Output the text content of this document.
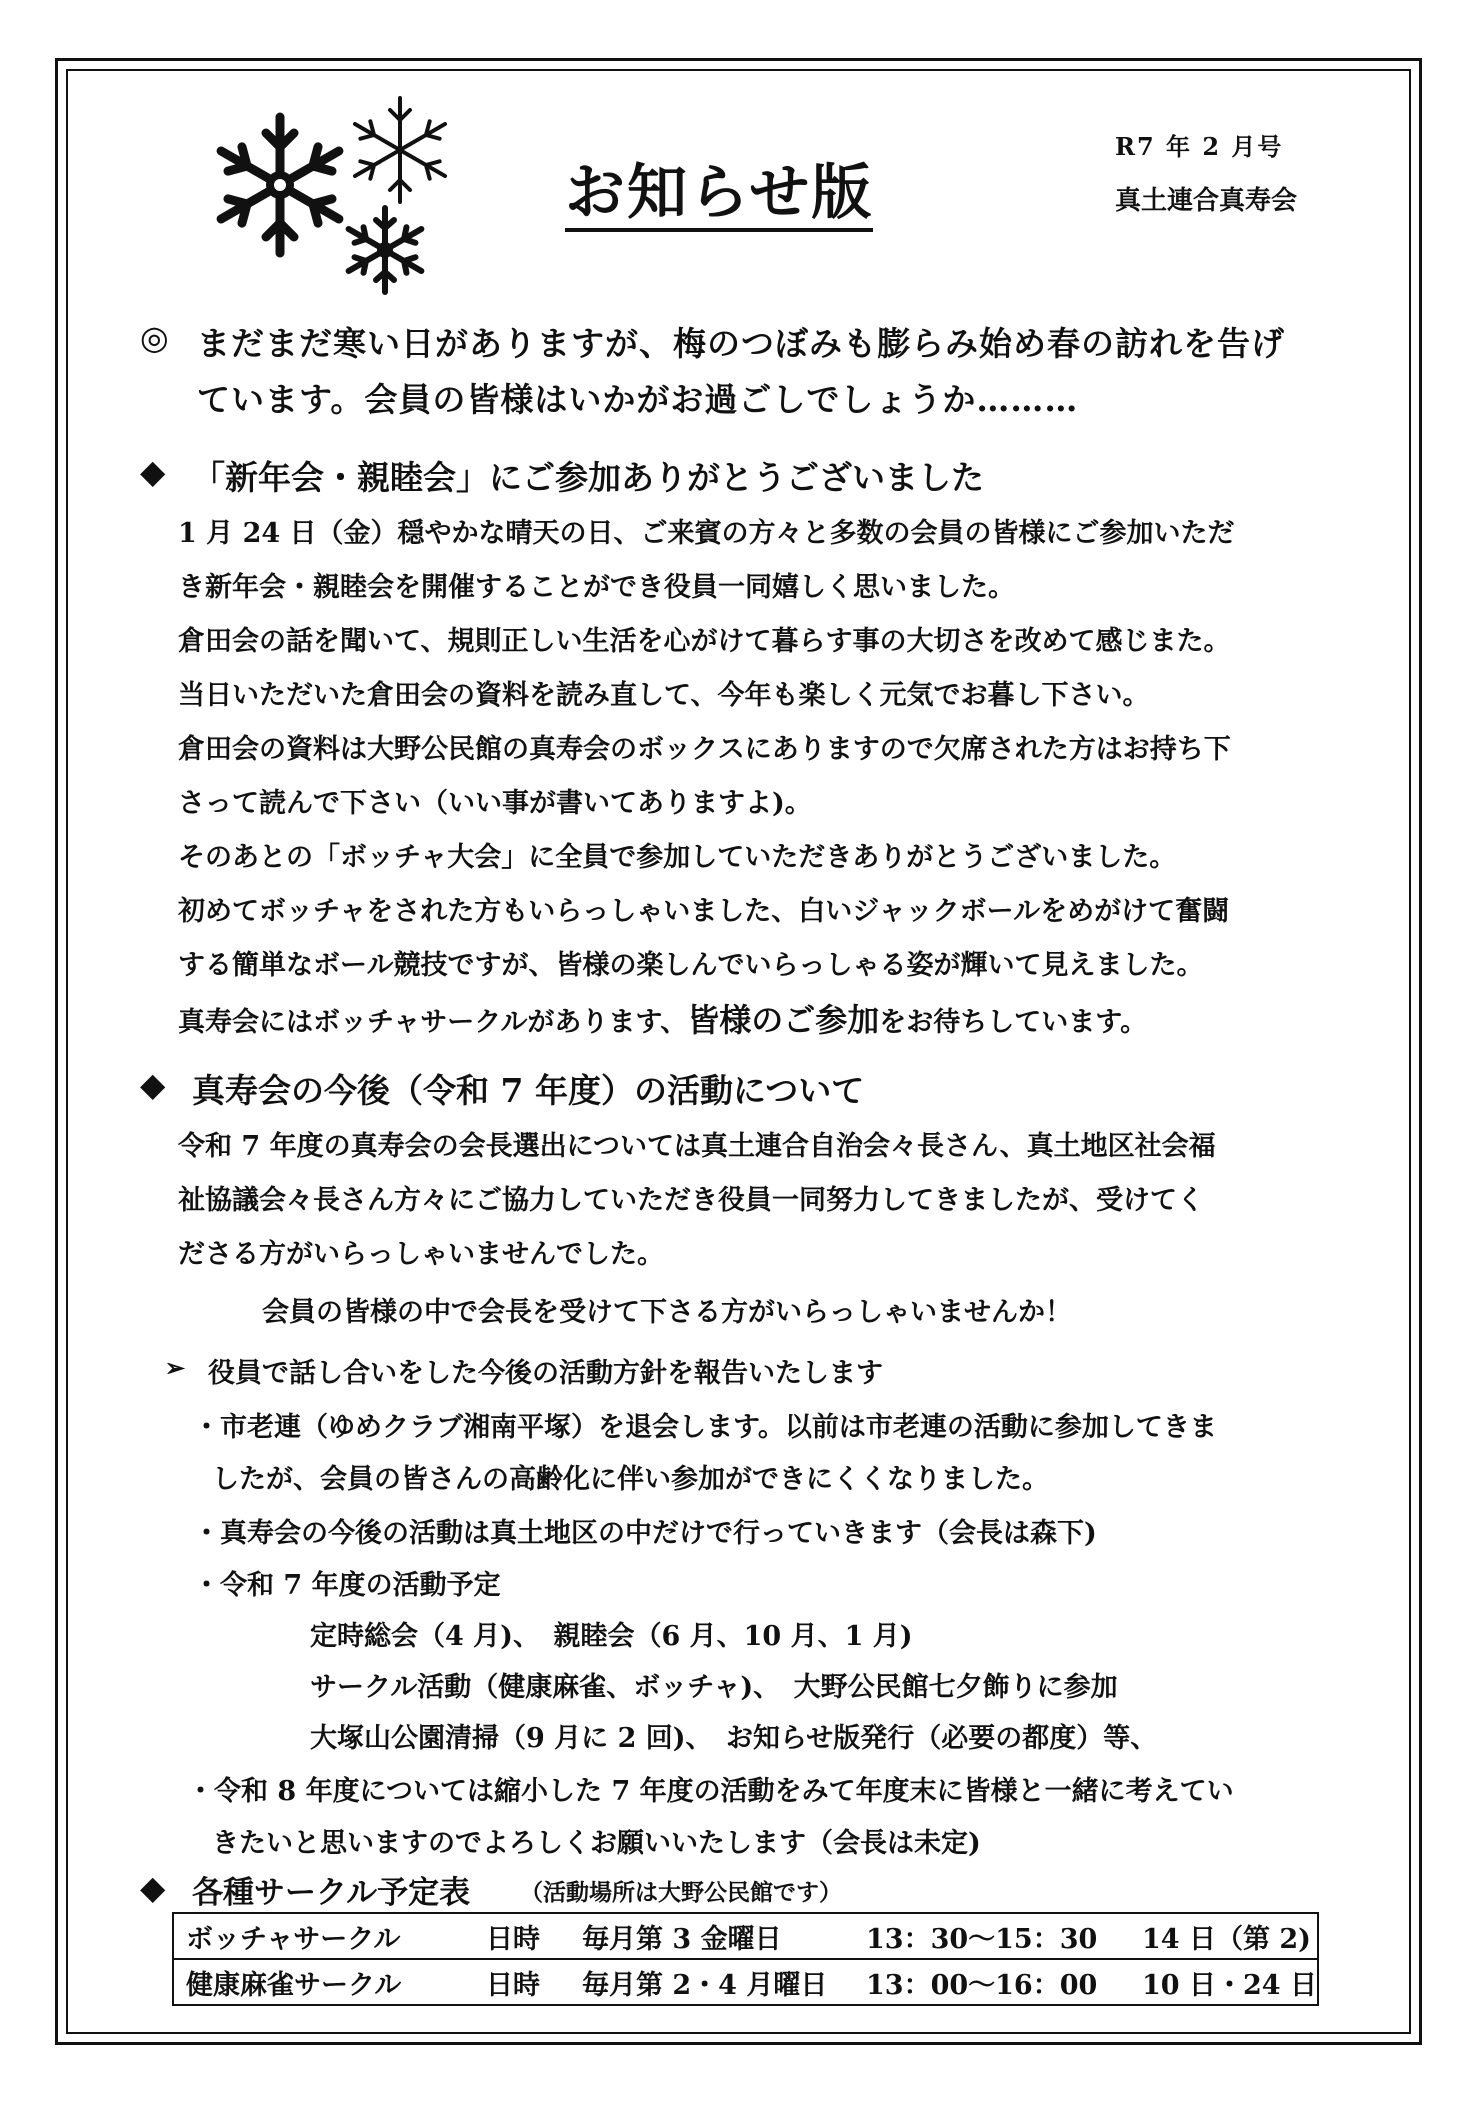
お知らせ版
R7 年 2 月号
真土連合真寿会
◎ まだまだ寒い日がありますが、梅のつぼみも膨らみ始め春の訪れを告げ
ています。会員の皆様はいかがお過ごしでしょうか………
◆ 「新年会・親睦会」にご参加ありがとうございました
1 月 24 日（金）穏やかな晴天の日、ご来賓の方々と多数の会員の皆様にご参加いただ
き新年会・親睦会を開催することができ役員一同嬉しく思いました。
倉田会の話を聞いて、規則正しい生活を心がけて暮らす事の大切さを改めて感じまた。
当日いただいた倉田会の資料を読み直して、今年も楽しく元気でお暮し下さい。
倉田会の資料は大野公民館の真寿会のボックスにありますので欠席された方はお持ち下
さって読んで下さい（いい事が書いてありますよ)。
そのあとの「ボッチャ大会」に全員で参加していただきありがとうございました。
初めてボッチャをされた方もいらっしゃいました、白いジャックボールをめがけて奮闘
する簡単なボール競技ですが、皆様の楽しんでいらっしゃる姿が輝いて見えました。
真寿会にはボッチャサークルがあります、皆様のご参加をお待ちしています。
◆ 真寿会の今後（令和 7 年度）の活動について
令和 7 年度の真寿会の会長選出については真土連合自治会々長さん、真土地区社会福
祉協議会々長さん方々にご協力していただき役員一同努力してきましたが、受けてく
ださる方がいらっしゃいませんでした。
会員の皆様の中で会長を受けて下さる方がいらっしゃいませんか！
➢ 役員で話し合いをした今後の活動方針を報告いたします
・市老連（ゆめクラブ湘南平塚）を退会します。以前は市老連の活動に参加してきま
したが、会員の皆さんの高齢化に伴い参加ができにくくなりました。
・真寿会の今後の活動は真土地区の中だけで行っていきます（会長は森下)
・令和 7 年度の活動予定
定時総会（4 月)、　親睦会（6 月、10 月、1 月)
サークル活動（健康麻雀、ボッチャ)、　大野公民館七夕飾りに参加
大塚山公園清掃（9 月に 2 回)、　お知らせ版発行（必要の都度）等、
・令和 8 年度については縮小した 7 年度の活動をみて年度末に皆様と一緒に考えてい
きたいと思いますのでよろしくお願いいたします（会長は未定)
◆ 各種サークル予定表 （活動場所は大野公民館です）
ボッチャサークル	日時 毎月第 3 金曜日	13：30～15：30 14 日（第 2)
健康麻雀サークル	日時 毎月第 2・4 月曜日 13：00～16：00 10 日・24 日
